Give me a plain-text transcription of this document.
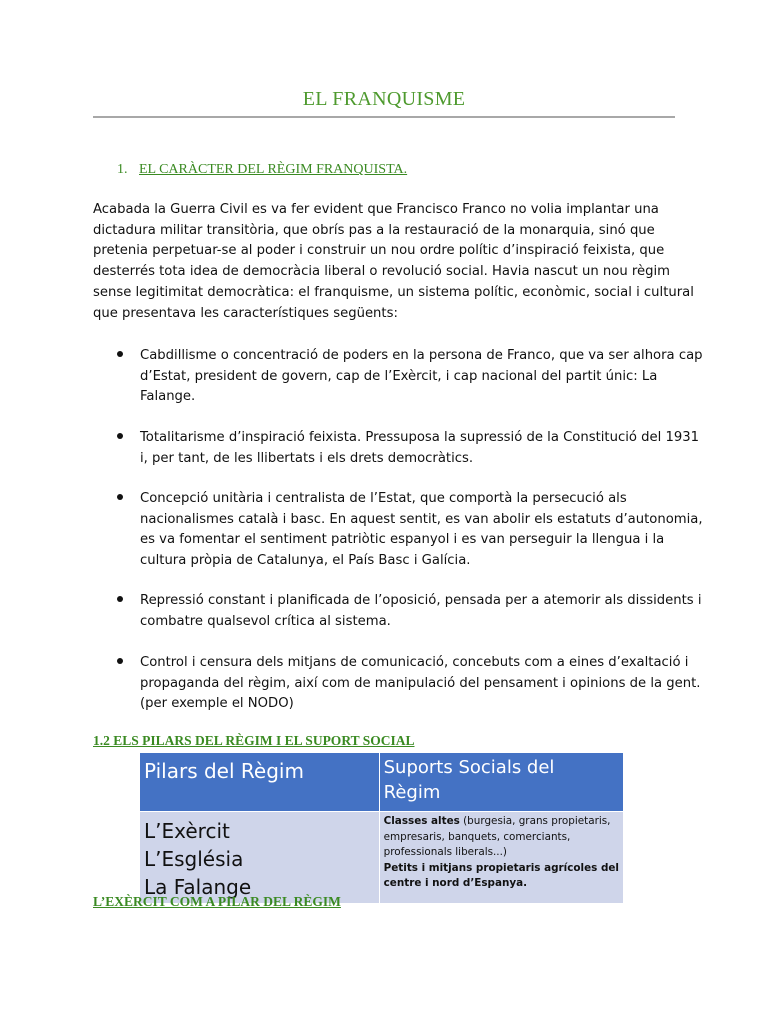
EL FRANQUISME
1. EL CARÀCTER DEL RÈGIM FRANQUISTA.
Acabada la Guerra Civil es va fer evident que Francisco Franco no volia implantar una
dictadura militar transitòria, que obrís pas a la restauració de la monarquia, sinó que
pretenia perpetuar-se al poder i construir un nou ordre polític d’inspiració feixista, que
desterrés tota idea de democràcia liberal o revolució social. Havia nascut un nou règim
sense legitimitat democràtica: el franquisme, un sistema polític, econòmic, social i cultural
que presentava les característiques següents:
Cabdillisme o concentració de poders en la persona de Franco, que va ser alhora cap
d’Estat, president de govern, cap de l’Exèrcit, i cap nacional del partit únic: La
Falange.
Totalitarisme d’inspiració feixista. Pressuposa la supressió de la Constitució del 1931
i, per tant, de les llibertats i els drets democràtics.
Concepció unitària i centralista de l’Estat, que comportà la persecució als
nacionalismes català i basc. En aquest sentit, es van abolir els estatuts d’autonomia,
es va fomentar el sentiment patriòtic espanyol i es van perseguir la llengua i la
cultura pròpia de Catalunya, el País Basc i Galícia.
Repressió constant i planificada de l’oposició, pensada per a atemorir als dissidents i
combatre qualsevol crítica al sistema.
Control i censura dels mitjans de comunicació, concebuts com a eines d’exaltació i
propaganda del règim, així com de manipulació del pensament i opinions de la gent.
(per exemple el NODO)
1.2 ELS PILARS DEL RÈGIM I EL SUPORT SOCIAL
Pilars del Règim	Suports Socials del
Règim

L’Exèrcit
L’Església
La Falange	Classes altes (burgesia, grans propietaris,
empresaris, banquets, comerciants,
professionals liberals...)
Petits i mitjans propietaris agrícoles del
centre i nord d’Espanya.
L’EXÈRCIT COM A PILAR DEL RÈGIM
